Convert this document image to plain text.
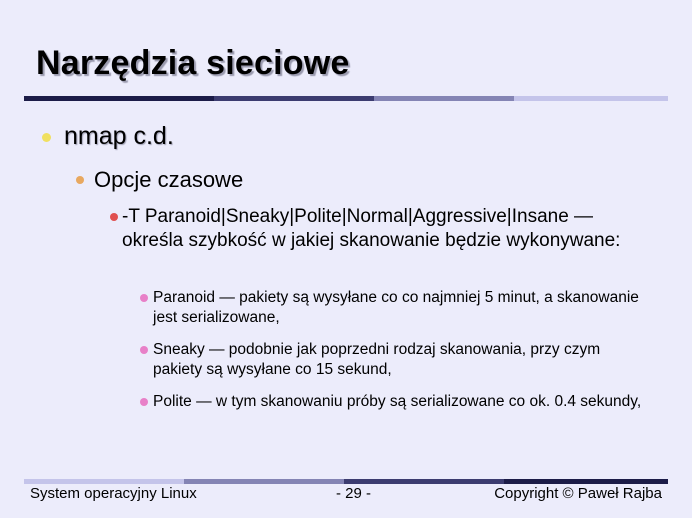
Narzędzia sieciowe
nmap c.d.
Opcje czasowe
-T Paranoid|Sneaky|Polite|Normal|Aggressive|Insane — określa szybkość w jakiej skanowanie będzie wykonywane:
Paranoid — pakiety są wysyłane co co najmniej 5 minut, a skanowanie jest serializowane,
Sneaky — podobnie jak poprzedni rodzaj skanowania, przy czym pakiety są wysyłane co 15 sekund,
Polite — w tym skanowaniu próby są serializowane co ok. 0.4 sekundy,
System operacyjny Linux	- 29 -	Copyright © Paweł Rajba
